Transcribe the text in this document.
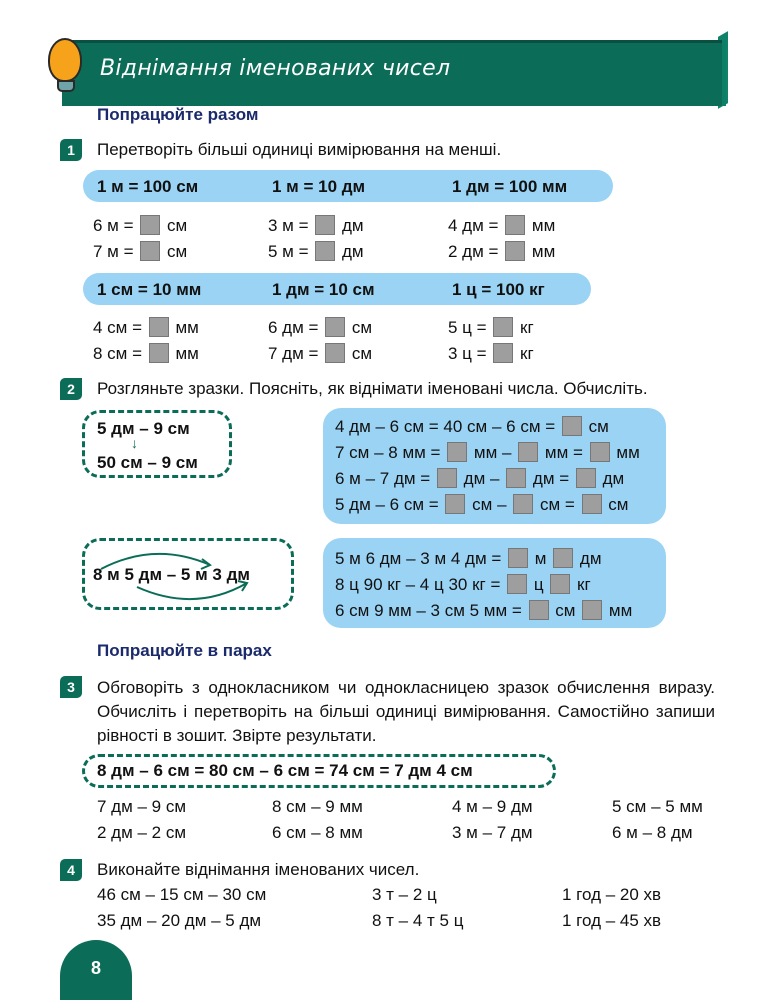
Віднімання іменованих чисел
Попрацюйте разом
1	Перетворіть більші одиниці вимірювання на менші.
1 м = 100 см	1 м = 10 дм	1 дм = 100 мм
6 м =  см	3 м =  дм	4 дм =  мм
7 м =  см	5 м =  дм	2 дм =  мм
1 см = 10 мм	1 дм = 10 см	1 ц = 100 кг
4 см =  мм	6 дм =  см	5 ц =  кг
8 см =  мм	7 дм =  см	3 ц =  кг
2	Розгляньте зразки. Поясніть, як віднімати іменовані числа. Обчисліть.
5 дм – 9 см
↓
50 см – 9 см
4 дм – 6 см = 40 см – 6 см =  см
7 см – 8 мм =  мм –  мм =  мм
6 м – 7 дм =  дм –  дм =  дм
5 дм – 6 см =  см –  см =  см
8 м 5 дм – 5 м 3 дм
5 м 6 дм – 3 м 4 дм =  м  дм
8 ц 90 кг – 4 ц 30 кг =  ц  кг
6 см 9 мм – 3 см 5 мм =  см  мм
Попрацюйте в парах
3	Обговоріть з однокласником чи однокласницею зразок обчислення виразу. Обчисліть і перетворіть на більші одиниці вимірювання. Самостійно запиши рівності в зошит. Звірте результати.
8 дм – 6 см = 80 см – 6 см = 74 см = 7 дм 4 см
7 дм – 9 см	8 см – 9 мм	4 м – 9 дм	5 см – 5 мм
2 дм – 2 см	6 см – 8 мм	3 м – 7 дм	6 м – 8 дм
4	Виконайте віднімання іменованих чисел.
46 см – 15 см – 30 см	3 т – 2 ц	1 год – 20 хв
35 дм – 20 дм – 5 дм	8 т – 4 т 5 ц	1 год – 45 хв
8
